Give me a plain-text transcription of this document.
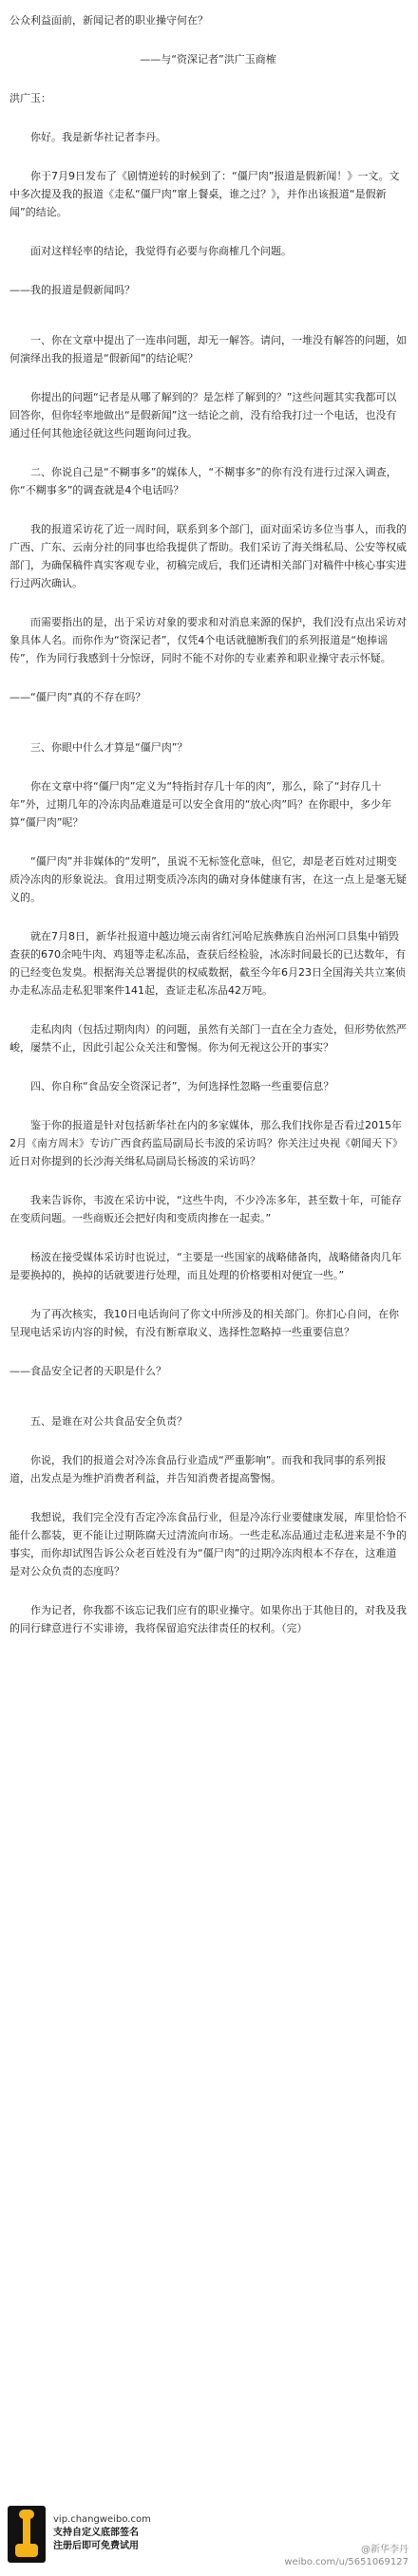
公众利益面前，新闻记者的职业操守何在？

——与“资深记者”洪广玉商榷

洪广玉：

你好。我是新华社记者李丹。

你于7月9日发布了《剧情逆转的时候到了：“僵尸肉”报道是假新闻！》一文。文中多次提及我的报道《走私“僵尸肉”窜上餐桌，谁之过？》，并作出该报道“是假新闻”的结论。

面对这样轻率的结论，我觉得有必要与你商榷几个问题。

——我的报道是假新闻吗？

一、你在文章中提出了一连串问题，却无一解答。请问，一堆没有解答的问题，如何演绎出我的报道是“假新闻”的结论呢？

你提出的问题“记者是从哪了解到的？是怎样了解到的？”这些问题其实我都可以回答你，但你轻率地做出“是假新闻”这一结论之前，没有给我打过一个电话，也没有通过任何其他途径就这些问题询问过我。

二、你说自己是“不糊事多”的媒体人，“不糊事多”的你有没有进行过深入调查，你“不糊事多”的调查就是4个电话吗？

我的报道采访花了近一周时间，联系到多个部门，面对面采访多位当事人，而我的广西、广东、云南分社的同事也给我提供了帮助。我们采访了海关缉私局、公安等权威部门，为确保稿件真实客观专业，初稿完成后，我们还请相关部门对稿件中核心事实进行过两次确认。

而需要指出的是，出于采访对象的要求和对消息来源的保护，我们没有点出采访对象具体人名。而你作为“资深记者”，仅凭4个电话就臆断我们的系列报道是“炮捧谣传”，作为同行我感到十分惊讶，同时不能不对你的专业素养和职业操守表示怀疑。

——“僵尸肉”真的不存在吗？

三、你眼中什么才算是“僵尸肉”？

你在文章中将“僵尸肉”定义为“特指封存几十年的肉”，那么，除了“封存几十年”外，过期几年的冷冻肉品难道是可以安全食用的“放心肉”吗？在你眼中，多少年算“僵尸肉”呢？

“僵尸肉”并非媒体的“发明”，虽说不无标签化意味，但它，却是老百姓对过期变质冷冻肉的形象说法。食用过期变质冷冻肉的确对身体健康有害，在这一点上是毫无疑义的。

就在7月8日，新华社报道中越边境云南省红河哈尼族彝族自治州河口县集中销毁查获的670余吨牛肉、鸡翅等走私冻品，查获后经检验，冰冻时间最长的已达数年，有的已经变色发臭。根据海关总署提供的权威数据，截至今年6月23日全国海关共立案侦办走私冻品走私犯罪案件141起，查证走私冻品42万吨。

走私肉肉（包括过期肉肉）的问题，虽然有关部门一直在全力查处，但形势依然严峻，屡禁不止，因此引起公众关注和警惕。你为何无视这公开的事实？

四、你自称“食品安全资深记者”，为何选择性忽略一些重要信息？

鉴于你的报道是针对包括新华社在内的多家媒体，那么我们找你是否看过2015年2月《南方周末》专访广西食药监局副局长韦波的采访吗？你关注过央视《朝闻天下》近日对你提到的长沙海关缉私局副局长杨波的采访吗？

我来告诉你，韦波在采访中说，“这些牛肉，不少冷冻多年，甚至数十年，可能存在变质问题。一些商贩还会把好肉和变质肉掺在一起卖。”

杨波在接受媒体采访时也说过，“主要是一些国家的战略储备肉，战略储备肉几年是要换掉的，换掉的话就要进行处理，而且处理的价格要相对便宜一些。”

为了再次核实，我10日电话询问了你文中所涉及的相关部门。你扪心自问，在你呈现电话采访内容的时候，有没有断章取义、选择性忽略掉一些重要信息？

——食品安全记者的天职是什么？

五、是谁在对公共食品安全负责？

你说，我们的报道会对冷冻食品行业造成“严重影响”。而我和我同事的系列报道，出发点是为维护消费者利益，并告知消费者提高警惕。

我想说，我们完全没有否定冷冻食品行业，但是冷冻行业要健康发展，库里恰恰不能什么都装，更不能让过期陈腐天过清流向市场。一些走私冻品通过走私进来是不争的事实，而你却试图告诉公众老百姓没有为“僵尸肉”的过期冷冻肉根本不存在，这难道是对公众负责的态度吗？

作为记者，你我都不该忘记我们应有的职业操守。如果你出于其他目的，对我及我的同行肆意进行不实诽谤，我将保留追究法律责任的权利。（完）

vip.changweibo.com
支持自定义底部签名
注册后即可免费试用	@新华李丹
weibo.com/u/5651069127
